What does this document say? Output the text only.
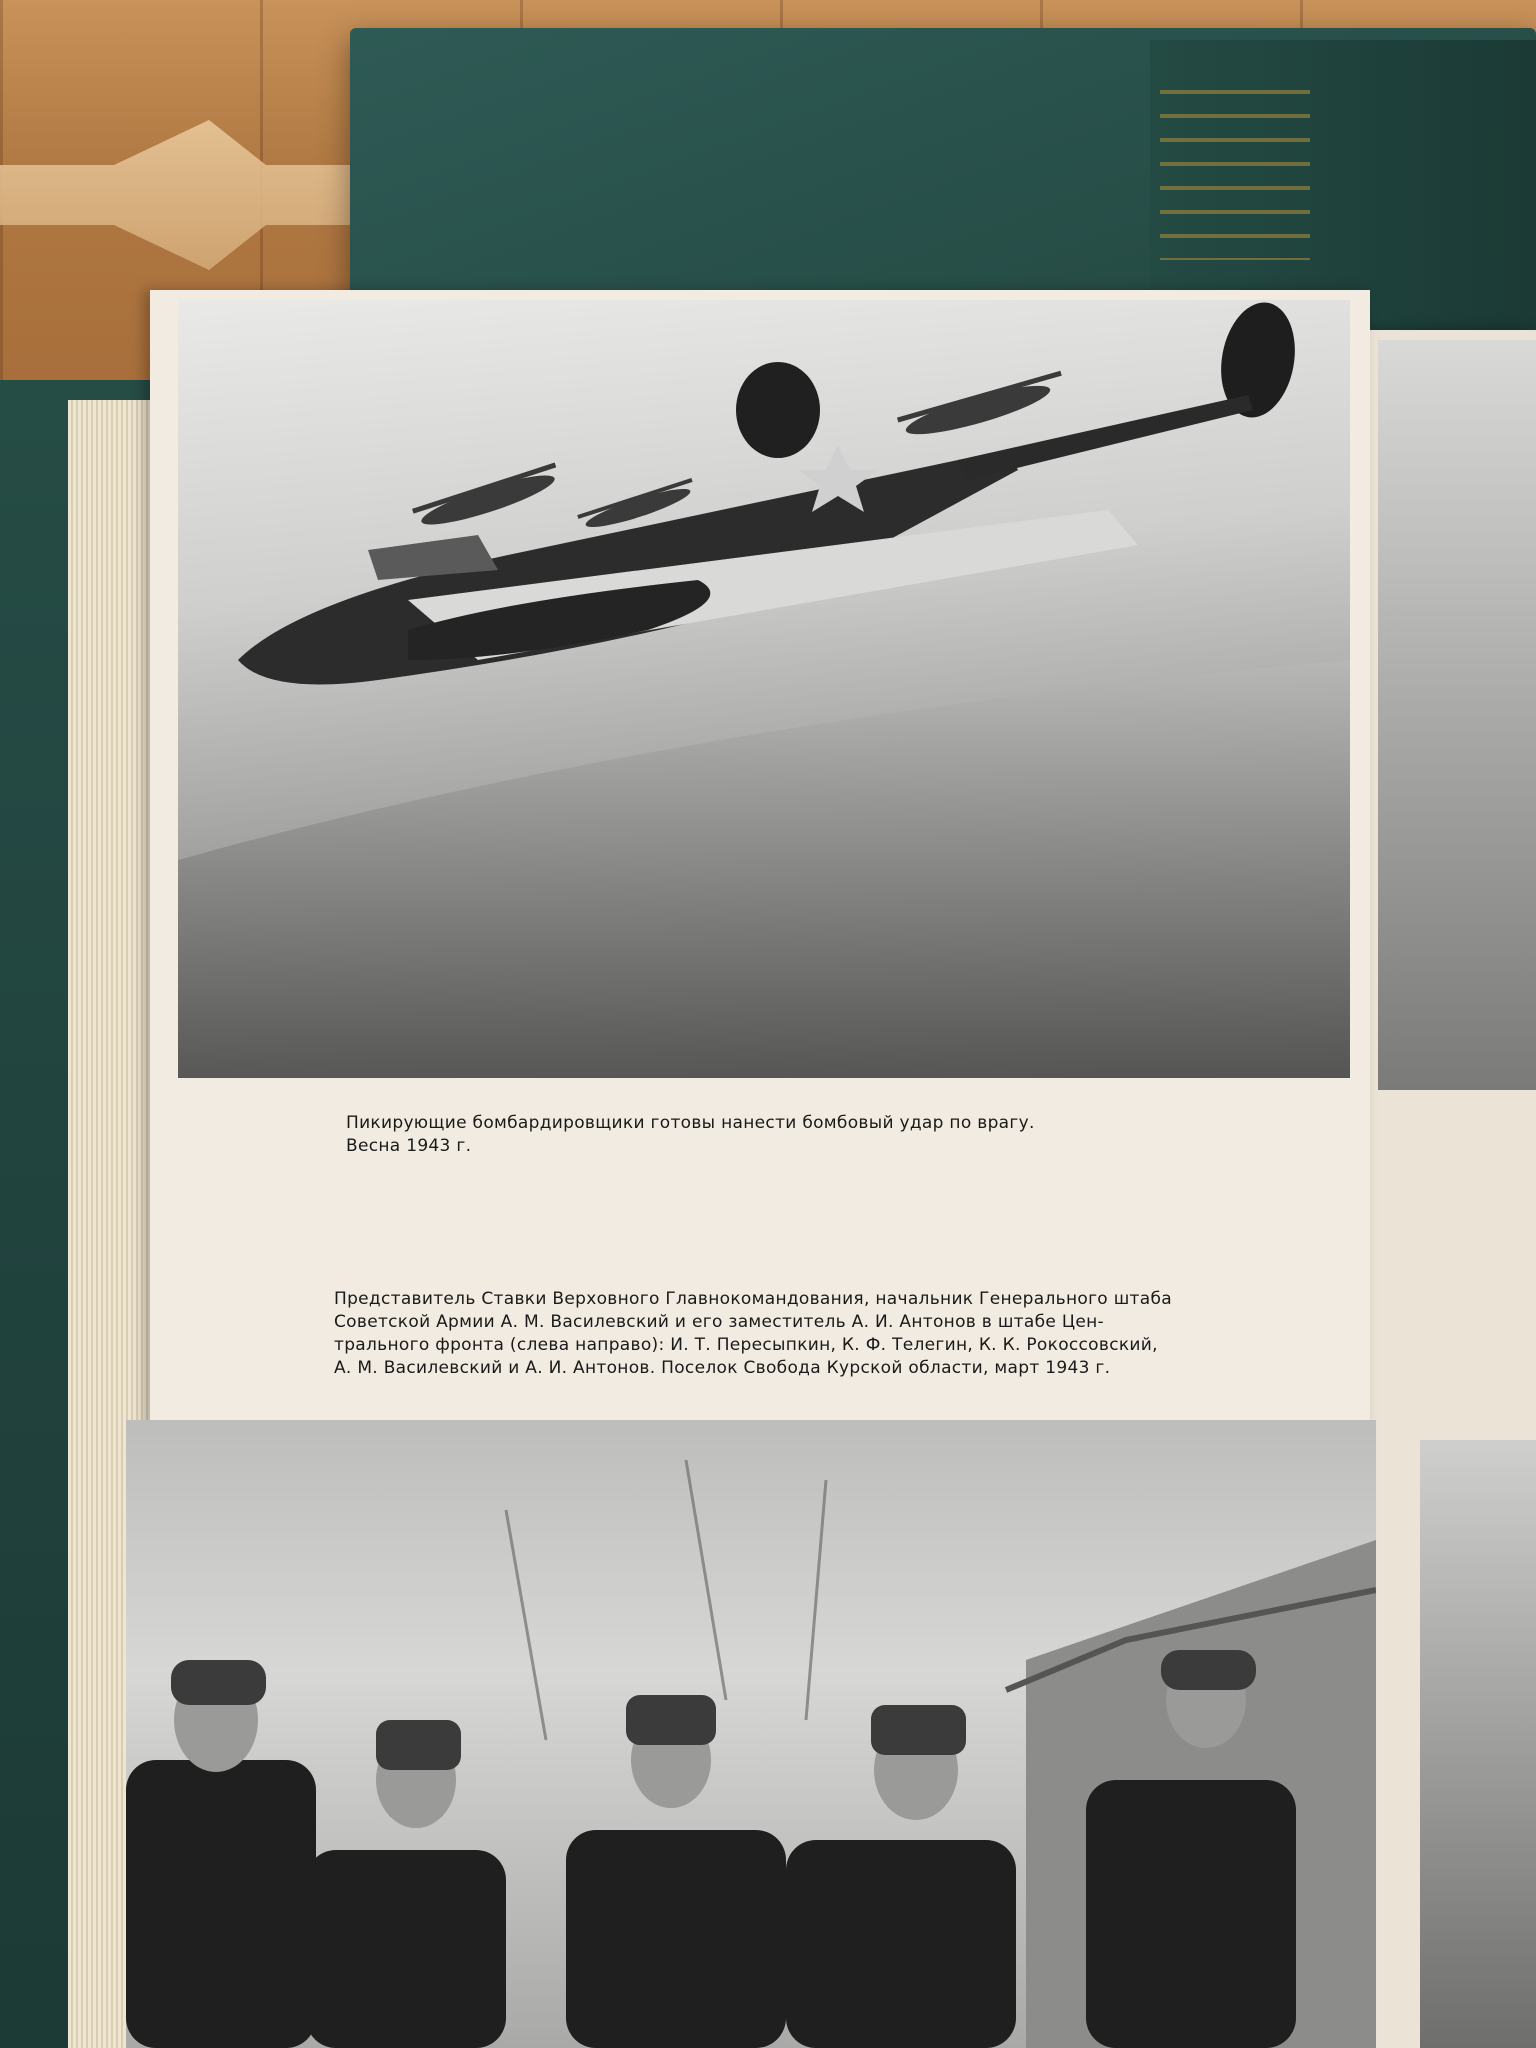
Пикирующие бомбардировщики готовы нанести бомбовый удар по врагу.
Весна 1943 г.
Представитель Ставки Верховного Главнокомандования, начальник Генерального штаба
Советской Армии А. М. Василевский и его заместитель А. И. Антонов в штабе Цен-
трального фронта (слева направо): И. Т. Пересыпкин, К. Ф. Телегин, К. К. Рокоссовский,
А. М. Василевский и А. И. Антонов. Поселок Свобода Курской области, март 1943 г.
